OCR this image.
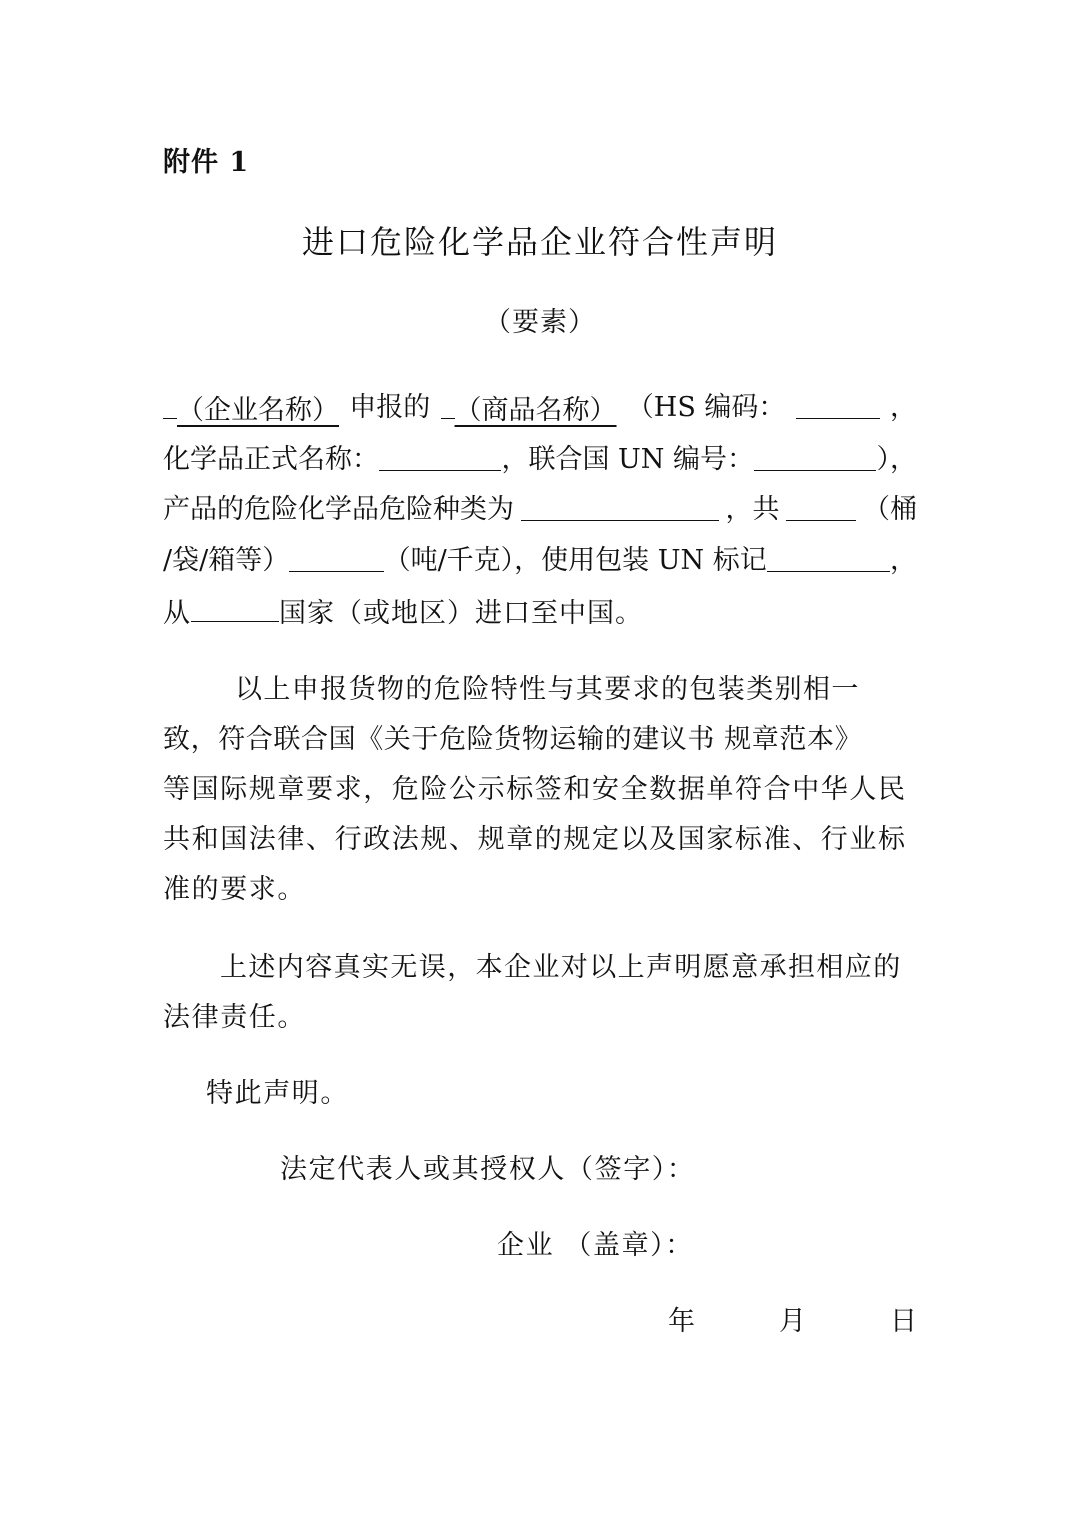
附件 1
进口危险化学品企业符合性声明
（要素）
（企业名称） 申报的 （商品名称） （HS 编码：	，
化学品正式名称：	，联合国 UN 编号：	），
产品的危险化学品危险种类为	，共	（桶
/袋/箱等）	（吨/千克），使用包装 UN 标记	，
从	国家（或地区）进口至中国。
以上申报货物的危险特性与其要求的包装类别相一
致，符合联合国《关于危险货物运输的建议书 规章范本》
等国际规章要求，危险公示标签和安全数据单符合中华人民
共和国法律、行政法规、规章的规定以及国家标准、行业标
准的要求。
上述内容真实无误，本企业对以上声明愿意承担相应的
法律责任。
特此声明。
法定代表人或其授权人（签字）：
企业 （盖章）：
年	月	日
